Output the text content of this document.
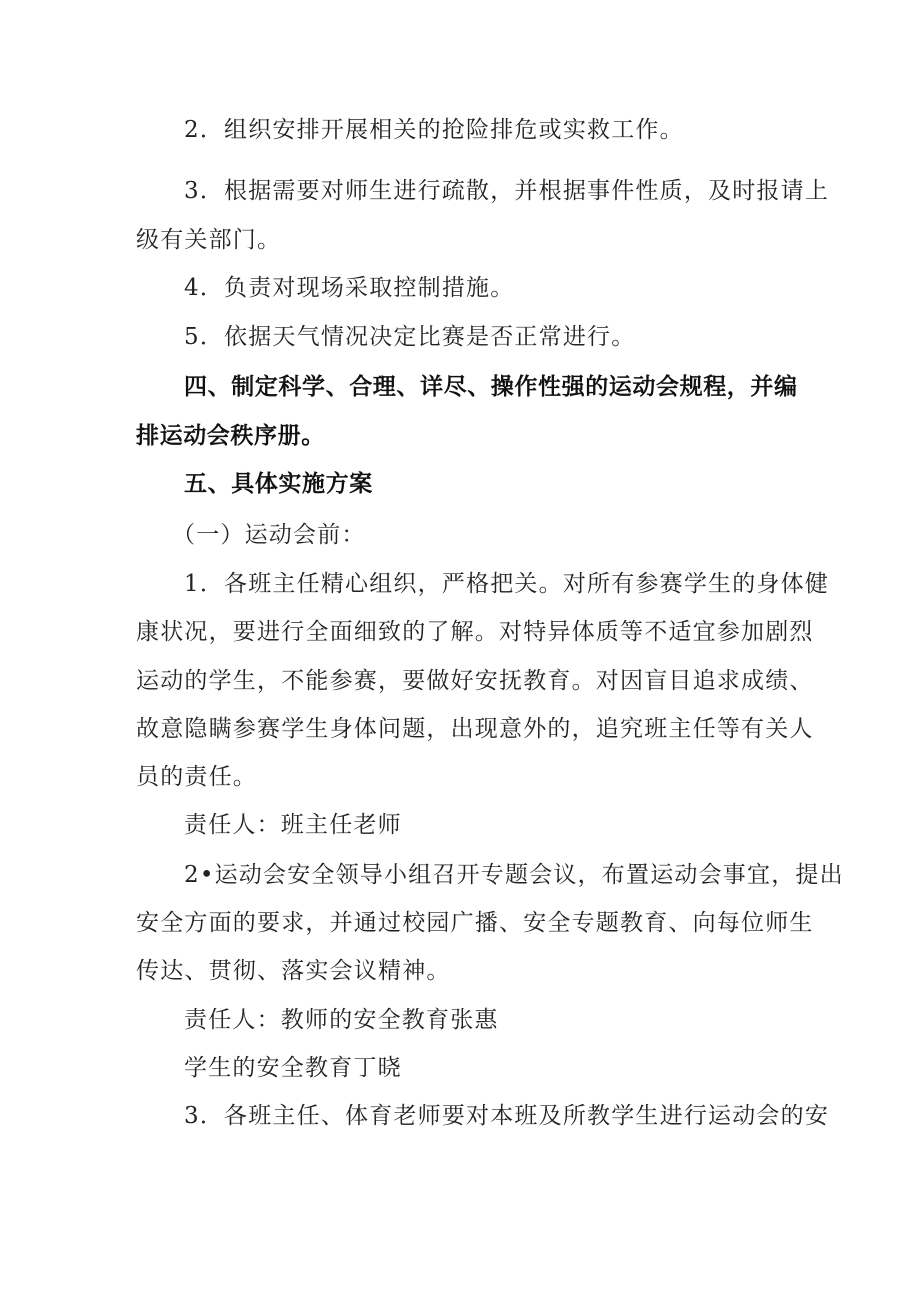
2．组织安排开展相关的抢险排危或实救工作。

3．根据需要对师生进行疏散，并根据事件性质，及时报请上

级有关部门。

4．负责对现场采取控制措施。

5．依据天气情况决定比赛是否正常进行。

四、制定科学、合理、详尽、操作性强的运动会规程，并编

排运动会秩序册。

五、具体实施方案

（一）运动会前：

1．各班主任精心组织，严格把关。对所有参赛学生的身体健

康状况，要进行全面细致的了解。对特异体质等不适宜参加剧烈

运动的学生，不能参赛，要做好安抚教育。对因盲目追求成绩、

故意隐瞒参赛学生身体问题，出现意外的，追究班主任等有关人

员的责任。

责任人：班主任老师

2•运动会安全领导小组召开专题会议，布置运动会事宜，提出

安全方面的要求，并通过校园广播、安全专题教育、向每位师生

传达、贯彻、落实会议精神。

责任人：教师的安全教育张惠

学生的安全教育丁晓

3．各班主任、体育老师要对本班及所教学生进行运动会的安
